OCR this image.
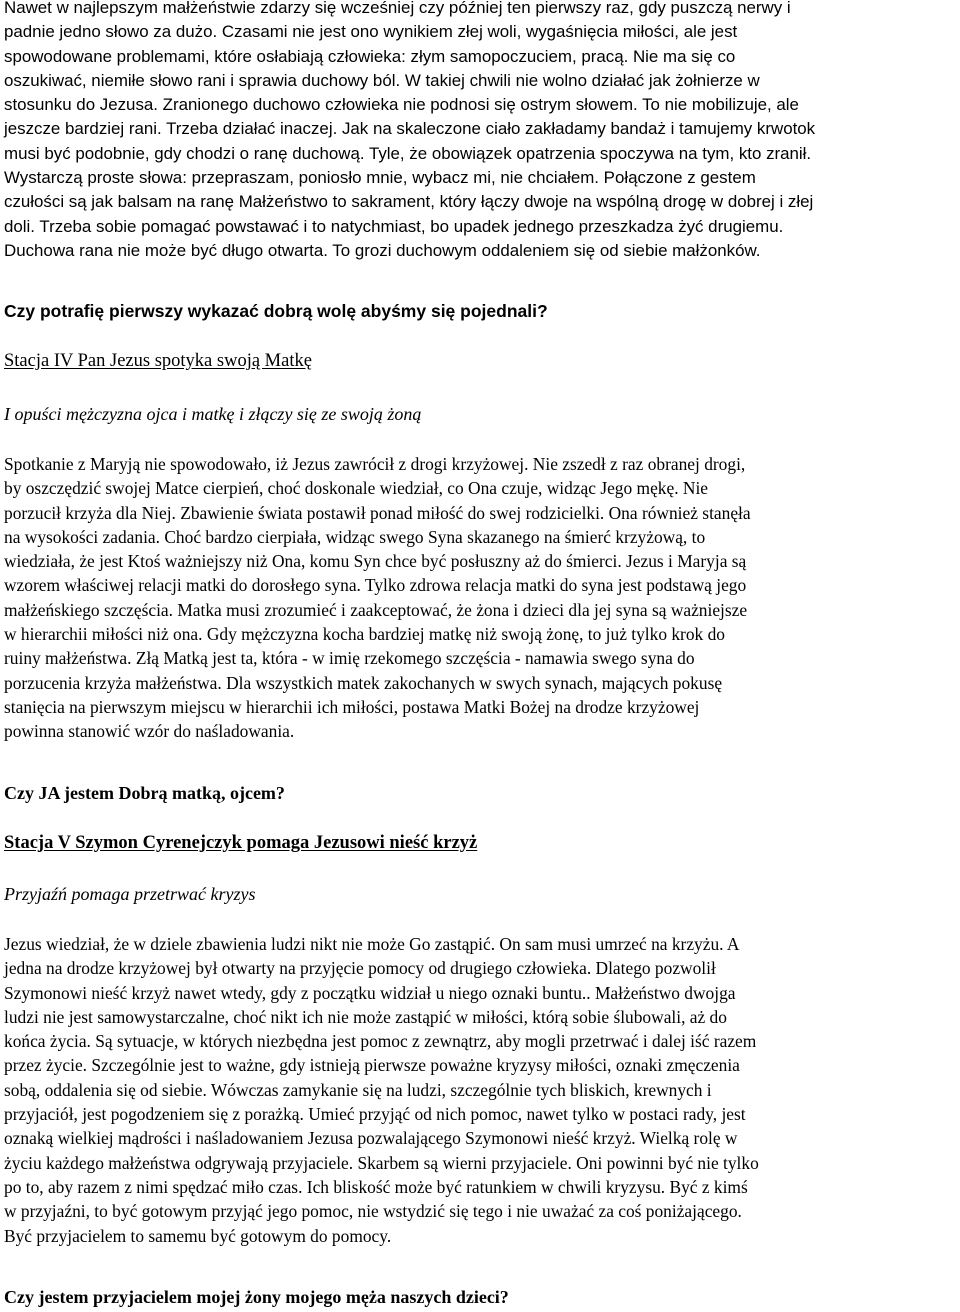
Nawet w najlepszym małżeństwie zdarzy się wcześniej czy później ten pierwszy raz, gdy puszczą nerwy i
padnie jedno słowo za dużo. Czasami nie jest ono wynikiem złej woli, wygaśnięcia miłości, ale jest
spowodowane problemami, które osłabiają człowieka: złym samopoczuciem, pracą. Nie ma się co
oszukiwać, niemiłe słowo rani i sprawia duchowy ból. W takiej chwili nie wolno działać jak żołnierze w
stosunku do Jezusa. Zranionego duchowo człowieka nie podnosi się ostrym słowem. To nie mobilizuje, ale
jeszcze bardziej rani. Trzeba działać inaczej. Jak na skaleczone ciało zakładamy bandaż i tamujemy krwotok
musi być podobnie, gdy chodzi o ranę duchową. Tyle, że obowiązek opatrzenia spoczywa na tym, kto zranił.
Wystarczą proste słowa: przepraszam, poniosło mnie, wybacz mi, nie chciałem. Połączone z gestem
czułości są jak balsam na ranę Małżeństwo to sakrament, który łączy dwoje na wspólną drogę w dobrej i złej
doli. Trzeba sobie pomagać powstawać i to natychmiast, bo upadek jednego przeszkadza żyć drugiemu.
Duchowa rana nie może być długo otwarta. To grozi duchowym oddaleniem się od siebie małżonków.

Czy potrafię pierwszy wykazać dobrą wolę abyśmy się pojednali?

Stacja IV Pan Jezus spotyka swoją Matkę

I opuści mężczyzna ojca i matkę i złączy się ze swoją żoną

Spotkanie z Maryją nie spowodowało, iż Jezus zawrócił z drogi krzyżowej. Nie zszedł z raz obranej drogi,
by oszczędzić swojej Matce cierpień, choć doskonale wiedział, co Ona czuje, widząc Jego mękę. Nie
porzucił krzyża dla Niej. Zbawienie świata postawił ponad miłość do swej rodzicielki. Ona również stanęła
na wysokości zadania. Choć bardzo cierpiała, widząc swego Syna skazanego na śmierć krzyżową, to
wiedziała, że jest Ktoś ważniejszy niż Ona, komu Syn chce być posłuszny aż do śmierci. Jezus i Maryja są
wzorem właściwej relacji matki do dorosłego syna. Tylko zdrowa relacja matki do syna jest podstawą jego
małżeńskiego szczęścia. Matka musi zrozumieć i zaakceptować, że żona i dzieci dla jej syna są ważniejsze
w hierarchii miłości niż ona. Gdy mężczyzna kocha bardziej matkę niż swoją żonę, to już tylko krok do
ruiny małżeństwa. Złą Matką jest ta, która - w imię rzekomego szczęścia - namawia swego syna do
porzucenia krzyża małżeństwa. Dla wszystkich matek zakochanych w swych synach, mających pokusę
stanięcia na pierwszym miejscu w hierarchii ich miłości, postawa Matki Bożej na drodze krzyżowej
powinna stanowić wzór do naśladowania.

Czy JA jestem Dobrą matką, ojcem?

Stacja V Szymon Cyrenejczyk pomaga Jezusowi nieść krzyż

Przyjaźń pomaga przetrwać kryzys

Jezus wiedział, że w dziele zbawienia ludzi nikt nie może Go zastąpić. On sam musi umrzeć na krzyżu. A
jedna na drodze krzyżowej był otwarty na przyjęcie pomocy od drugiego człowieka. Dlatego pozwolił
Szymonowi nieść krzyż nawet wtedy, gdy z początku widział u niego oznaki buntu.. Małżeństwo dwojga
ludzi nie jest samowystarczalne, choć nikt ich nie może zastąpić w miłości, którą sobie ślubowali, aż do
końca życia. Są sytuacje, w których niezbędna jest pomoc z zewnątrz, aby mogli przetrwać i dalej iść razem
przez życie. Szczególnie jest to ważne, gdy istnieją pierwsze poważne kryzysy miłości, oznaki zmęczenia
sobą, oddalenia się od siebie. Wówczas zamykanie się na ludzi, szczególnie tych bliskich, krewnych i
przyjaciół, jest pogodzeniem się z porażką. Umieć przyjąć od nich pomoc, nawet tylko w postaci rady, jest
oznaką wielkiej mądrości i naśladowaniem Jezusa pozwalającego Szymonowi nieść krzyż. Wielką rolę w
życiu każdego małżeństwa odgrywają przyjaciele. Skarbem są wierni przyjaciele. Oni powinni być nie tylko
po to, aby razem z nimi spędzać miło czas. Ich bliskość może być ratunkiem w chwili kryzysu. Być z kimś
w przyjaźni, to być gotowym przyjąć jego pomoc, nie wstydzić się tego i nie uważać za coś poniżającego.
Być przyjacielem to samemu być gotowym do pomocy.

Czy jestem przyjacielem mojej żony mojego męża naszych dzieci?
